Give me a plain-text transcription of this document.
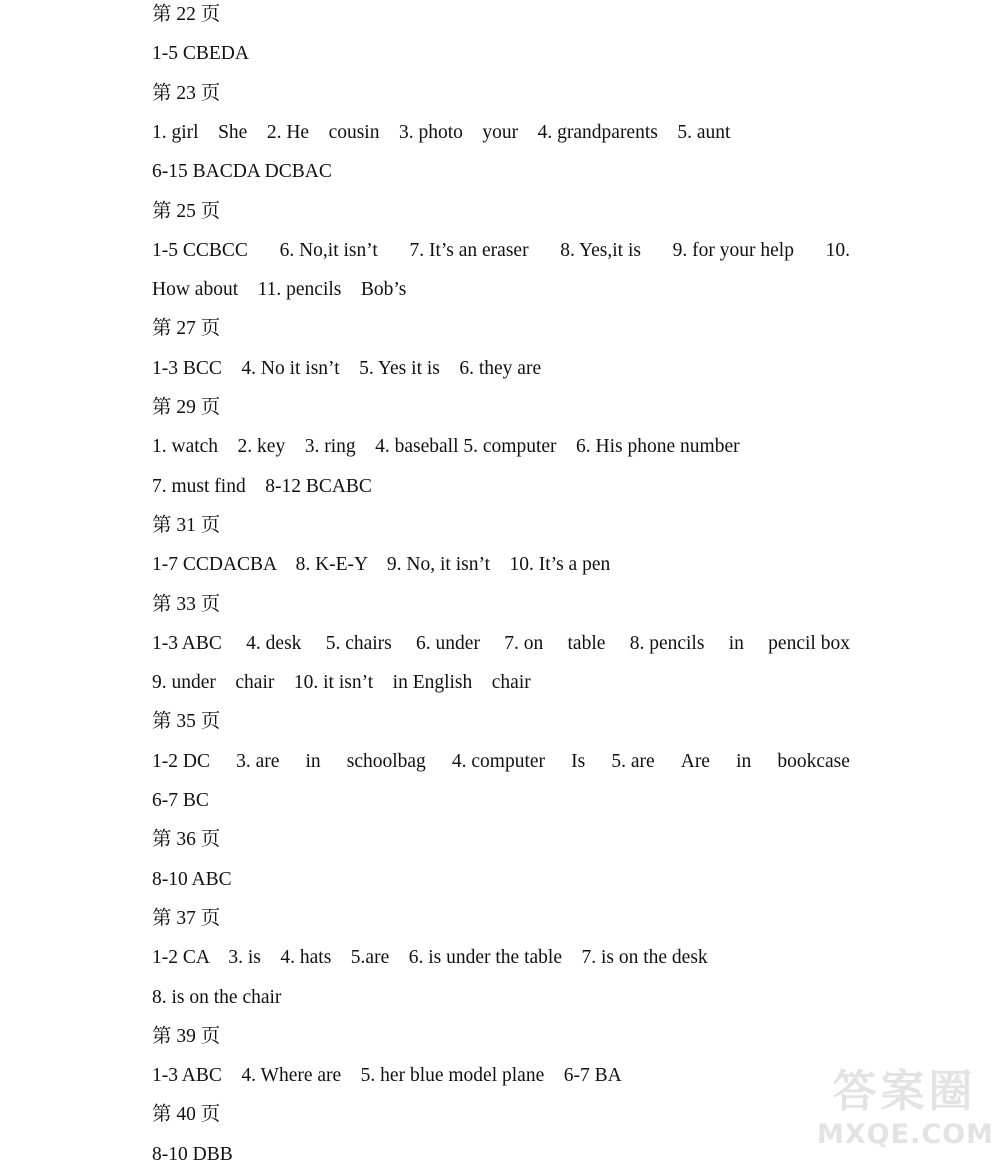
第 22 页
1-5 CBEDA
第 23 页
1. girl    She    2. He    cousin    3. photo    your    4. grandparents    5. aunt
6-15 BACDA DCBAC
第 25 页
1-5 CCBCC 6. No,it isn’t 7. It’s an eraser 8. Yes,it is 9. for your help 10.
How about    11. pencils    Bob’s
第 27 页
1-3 BCC    4. No it isn’t    5. Yes it is    6. they are
第 29 页
1. watch    2. key    3. ring    4. baseball 5. computer    6. His phone number
7. must find    8-12 BCABC
第 31 页
1-7 CCDACBA    8. K-E-Y    9. No, it isn’t    10. It’s a pen
第 33 页
1-3 ABC 4. desk 5. chairs 6. under 7. on table 8. pencils in pencil box
9. under    chair    10. it isn’t    in English    chair
第 35 页
1-2 DC 3. are in schoolbag 4. computer Is 5. are Are in bookcase
6-7 BC
第 36 页
8-10 ABC
第 37 页
1-2 CA    3. is    4. hats    5.are    6. is under the table    7. is on the desk
8. is on the chair
第 39 页
1-3 ABC    4. Where are    5. her blue model plane    6-7 BA
第 40 页
8-10 DBB
答案圈
MXQE.COM
